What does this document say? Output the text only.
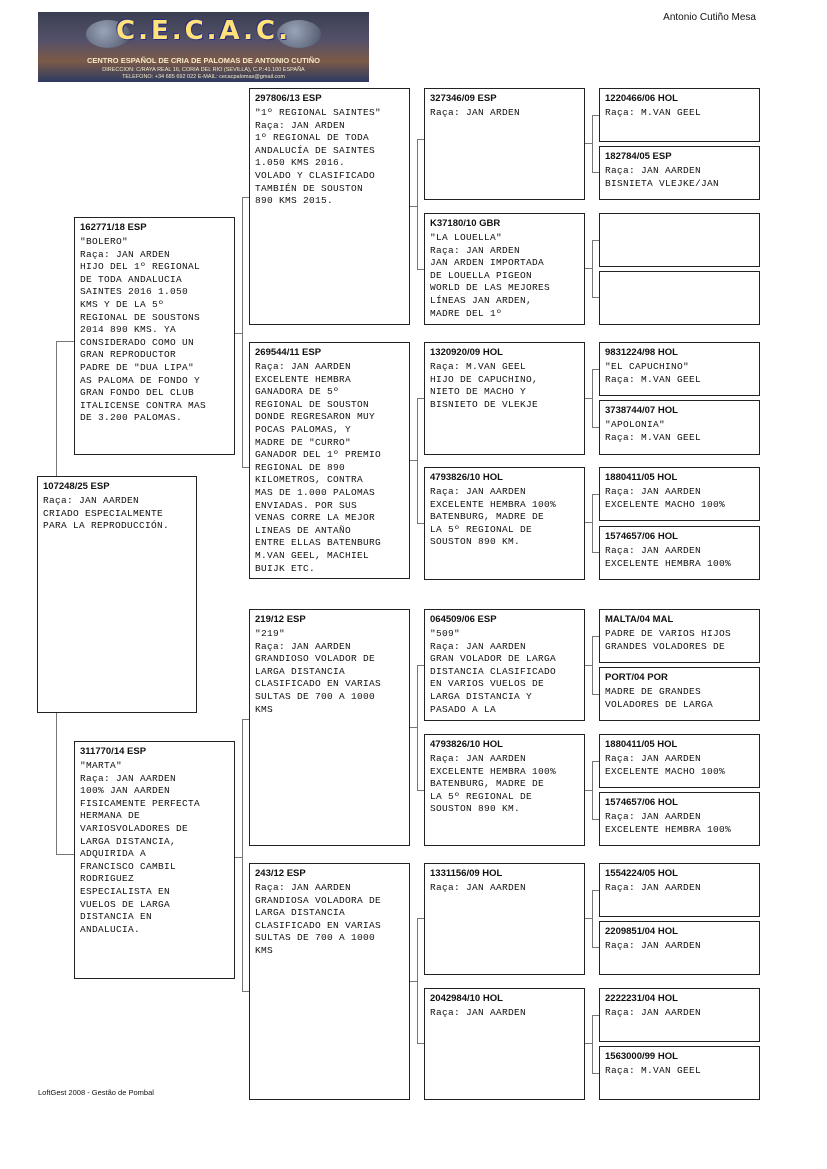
C.E.C.A.C.
CENTRO ESPAÑOL DE CRIA DE PALOMAS DE ANTONIO CUTIÑO
DIRECCION: C/RAYA REAL 16, CORIA DEL RIO (SEVILLA), C.P.:41.100 ESPAÑA
TELEFONO: +34 685 692 022 E-MAIL: cecacpalomas@gmail.com
Antonio Cutiño Mesa
107248/25 ESP
Raça: JAN AARDEN
CRIADO ESPECIALMENTE
PARA LA REPRODUCCIÓN.
162771/18 ESP
"BOLERO"
Raça: JAN ARDEN
HIJO DEL 1º REGIONAL
DE TODA ANDALUCIA
SAINTES 2016 1.050
KMS Y DE LA 5º
REGIONAL DE SOUSTONS
2014 890 KMS. YA
CONSIDERADO COMO UN
GRAN REPRODUCTOR
PADRE DE "DUA LIPA"
AS PALOMA DE FONDO Y
GRAN FONDO DEL CLUB
ITALICENSE CONTRA MAS
DE 3.200 PALOMAS.
311770/14 ESP
"MARTA"
Raça: JAN AARDEN
100% JAN AARDEN
FISICAMENTE PERFECTA
HERMANA DE
VARIOSVOLADORES DE
LARGA DISTANCIA,
ADQUIRIDA A
FRANCISCO CAMBIL
RODRIGUEZ
ESPECIALISTA EN
VUELOS DE LARGA
DISTANCIA EN
ANDALUCIA.
297806/13 ESP
"1º REGIONAL SAINTES"
Raça: JAN ARDEN
1º REGIONAL DE TODA
ANDALUCÍA DE SAINTES
1.050 KMS 2016.
VOLADO Y CLASIFICADO
TAMBIÉN DE SOUSTON
890 KMS 2015.
269544/11 ESP
Raça: JAN AARDEN
EXCELENTE HEMBRA
GANADORA DE 5º
REGIONAL DE SOUSTON
DONDE REGRESARON MUY
POCAS PALOMAS, Y
MADRE DE "CURRO"
GANADOR DEL 1º PREMIO
REGIONAL DE 890
KILOMETROS, CONTRA
MAS DE 1.000 PALOMAS
ENVIADAS. POR SUS
VENAS CORRE LA MEJOR
LINEAS DE ANTAÑO
ENTRE ELLAS BATENBURG
M.VAN GEEL, MACHIEL
BUIJK ETC.
219/12 ESP
"219"
Raça: JAN AARDEN
GRANDIOSO VOLADOR DE
LARGA DISTANCIA
CLASIFICADO EN VARIAS
SULTAS DE 700 A 1000
KMS
243/12 ESP
Raça: JAN AARDEN
GRANDIOSA VOLADORA DE
LARGA DISTANCIA
CLASIFICADO EN VARIAS
SULTAS DE 700 A 1000
KMS
327346/09 ESP
Raça: JAN ARDEN
K37180/10 GBR
"LA LOUELLA"
Raça: JAN ARDEN
JAN ARDEN IMPORTADA
DE LOUELLA PIGEON
WORLD DE LAS MEJORES
LÍNEAS JAN ARDEN,
MADRE DEL 1º
1320920/09 HOL
Raça: M.VAN GEEL
HIJO DE CAPUCHINO,
NIETO DE MACHO Y
BISNIETO DE VLEKJE
4793826/10 HOL
Raça: JAN AARDEN
EXCELENTE HEMBRA 100%
BATENBURG, MADRE DE
LA 5º REGIONAL DE
SOUSTON 890 KM.
064509/06 ESP
"509"
Raça: JAN AARDEN
GRAN VOLADOR DE LARGA
DISTANCIA CLASIFICADO
EN VARIOS VUELOS DE
LARGA DISTANCIA Y
PASADO A LA
4793826/10 HOL
Raça: JAN AARDEN
EXCELENTE HEMBRA 100%
BATENBURG, MADRE DE
LA 5º REGIONAL DE
SOUSTON 890 KM.
1331156/09 HOL
Raça: JAN AARDEN
2042984/10 HOL
Raça: JAN AARDEN
1220466/06 HOL
Raça: M.VAN GEEL
182784/05 ESP
Raça: JAN AARDEN
BISNIETA VLEJKE/JAN
9831224/98 HOL
"EL CAPUCHINO"
Raça: M.VAN GEEL
3738744/07 HOL
"APOLONIA"
Raça: M.VAN GEEL
1880411/05 HOL
Raça: JAN AARDEN
EXCELENTE MACHO 100%
1574657/06 HOL
Raça: JAN AARDEN
EXCELENTE HEMBRA 100%
MALTA/04 MAL
PADRE DE VARIOS HIJOS
GRANDES VOLADORES DE
PORT/04 POR
MADRE DE GRANDES
VOLADORES DE LARGA
1880411/05 HOL
Raça: JAN AARDEN
EXCELENTE MACHO 100%
1574657/06 HOL
Raça: JAN AARDEN
EXCELENTE HEMBRA 100%
1554224/05 HOL
Raça: JAN AARDEN
2209851/04 HOL
Raça: JAN AARDEN
2222231/04 HOL
Raça: JAN AARDEN
1563000/99 HOL
Raça: M.VAN GEEL
LoftGest 2008 - Gestão de Pombal
